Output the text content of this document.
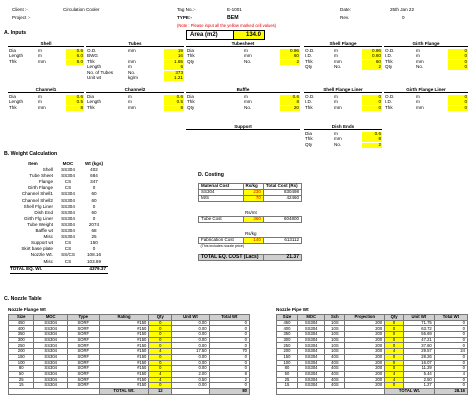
Client :-	Circulation Cooler
Project :-
Tag No.:-	E-1001
TYPE:-	BEM
(Note : Please input all the yellow marked cell values)
Date:	25th Jan 22
Rev.	0
A. Inputs	Area (m2)	134.0
Shell
Dia	m	0.6
Length	m	6.0
Thk	mm	8.0
Tubes
O.D.	mm	19
BWG	16
Thk	mm	1.65
Length	m	6
No. of Tubes	No.	373
Unit wt	kg/m	1.21
Tubesheet
Dia	m	0.96
Thk	mm	60
Qty	No.	2
Shell Flange
O.D.	m	0.96
I.D.	m	0.60
Thk	mm	60
Qty	No.	2
Girth Flange
O.D.	m	0
I.D.	m	0
Thk	mm	0
Qty	No.	0
Channel1
Dia	m	0.6
Length	m	0.5
Thk	mm	8
Channel2
Dia	m	0.6
Length	m	0.5
Thk	mm	8
Baffle
Dia	m	0.6
Thk	mm	8
Qty	No.	20
Shell Flange Liner
O.D.	m	0
I.D.	m	0
Thk	mm	0
Girth Flange Liner
O.D.	m	0
I.D.	m	0
Thk	mm	0
Support	Dish Ends
Dia	m	0.6
Thk	mm	8
Qty	No.	2
B. Weight Calculation
Item	MOC	Wt (kgs)
Shell SS304	402
Tube Sheet SS304	684
Flange	CS	347
Girth Flange	CS	0
Channel Shell1 SS304	60
Channel Shell2 SS304	60
Shell Flg Liner SS304	0
Dish End SS304	60
Girth Flg Liner SS304	0
Tube Weight SS304	2074
Baffle wt SS304	68
Misc SS304	25
Support wt	CS	150
Skirt base plate	CS	0
Nozzle Wt. SS/CS	108.16
Misc	CS	103.69
TOTAL EQ. WI.	4379.37
D. Costing
Material Cost	Rs/kg	Total Cost (Rs)
SS304	230	830498
M/S	70	42460

	Rs/mt	
Tube Cost	360	604800

	Rs/kg	
Fabrication Cost	140	613112
(This includes nozzle price)		

TOTAL EQ. COST (Lacs)		21.37
C. Nozzle Table
Nozzle Flange Wt	Nozzle Pipe Wt
Size	MOC	Type	Rating	Qty	Unit Wt	Total Wt
450	SS304	SORF	#150	0	0.00	0
400	SS304	SORF	#150	0	0.00	0
350	SS304	SORF	#150	0	0.00	0
300	SS304	SORF	#150	0	0.00	0
250	SS304	SORF	#150	0	0.00	0
200	SS304	SORF	#150	4	17.50	70
150	SS304	SORF	#150	0	0.00	0
100	SS304	SORF	#150	0	0.00	0
80	SS304	SORF	#150	0	0.00	0
50	SS304	SORF	#150	4	2.00	8
25	SS304	SORF	#150	4	0.50	2
15	SS304	SORF	#150	0	0.00	0
			TOTAL Wt.	12		80
Size	MOC	Sch	Projection	Qty	Unit Wt	Total Wt
450	SS304	10S	200	0	71.75	0
400	SS304	10S	200	0	63.72	0
350	SS304	10S	200	0	55.69	0
300	SS304	10S	200	0	47.21	0
250	SS304	10S	200	0	37.60	0
200	SS304	10S	200	4	29.57	24
150	SS304	40S	200	0	28.26	0
100	SS304	40S	200	0	16.07	0
80	SS304	40S	200	0	11.29	0
50	SS304	40S	200	4	5.44	4
25	SS304	40S	200	4	2.50	0
15	SS304	40S	200	0	1.27	0
				TOTAL Wt.		28.16
